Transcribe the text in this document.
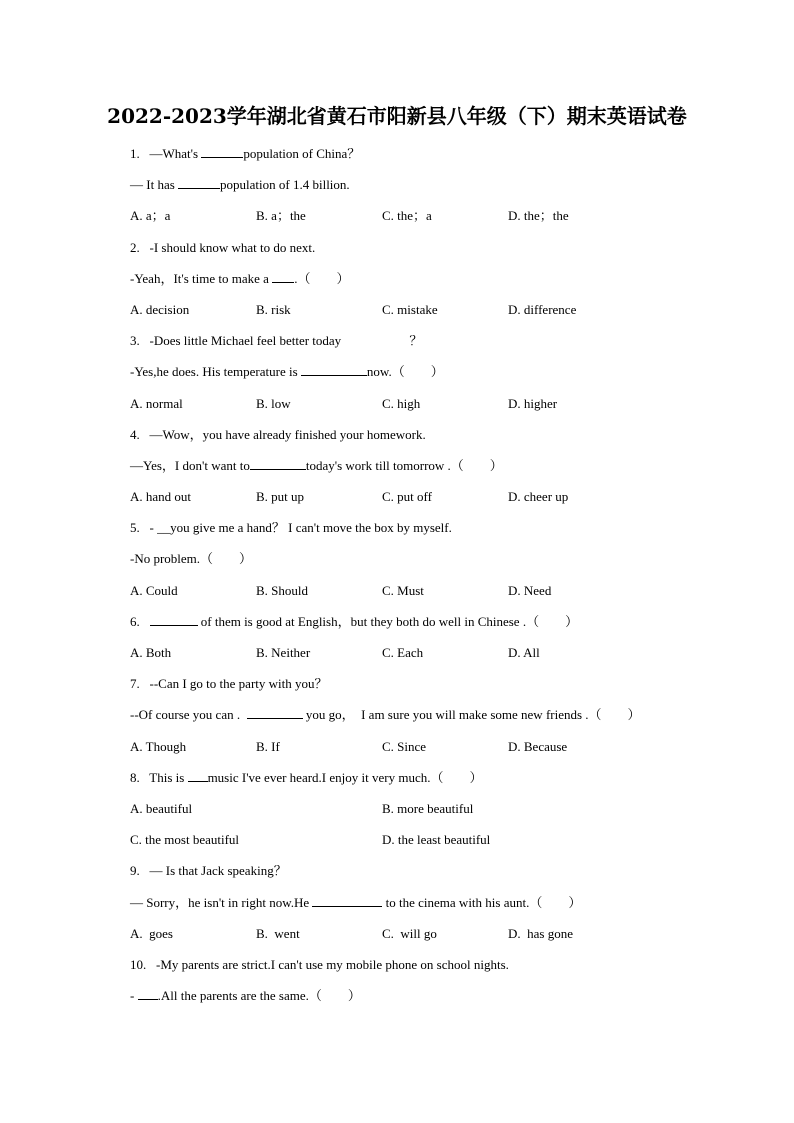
2022-2023学年湖北省黄石市阳新县八年级（下）期末英语试卷
1.   —What's	population of China？
— It has	population of 1.4 billion.
A. a；a	B. a；the	C. the；a	D. the；the
2.   -I should know what to do next.
-Yeah，It's time to make a .（        ）
A. decision	B. risk	C. mistake	D. difference
3.   -Does little Michael feel better today                     ？
-Yes,he does. His temperature is	now.（        ）
A. normal	B. low	C. high	D. higher
4.   —Wow，you have already finished your homework.
—Yes，I don't want to	today's work till tomorrow .（        ）
A. hand out	B. put up	C. put off	D. cheer up
5.   - __you give me a hand？ I can't move the box by myself.
-No problem.（        ）
A. Could	B. Should	C. Must	D. Need
6.	of them is good at English，but they both do well in Chinese .（        ）
A. Both	B. Neither	C. Each	D. All
7.   --Can I go to the party with you？
--Of course you can .	you go，  I am sure you will make some new friends .（        ）
A. Though	B. If	C. Since	D. Because
8.   This is music I've ever heard.I enjoy it very much.（        ）
A. beautiful	B. more beautiful
C. the most beautiful	D. the least beautiful
9.   — Is that Jack speaking？
— Sorry，he isn't in right now.He	to the cinema with his aunt.（        ）
A.  goes	B.  went	C.  will go	D.  has gone
10.   -My parents are strict.I can't use my mobile phone on school nights.
- .All the parents are the same.（        ）
